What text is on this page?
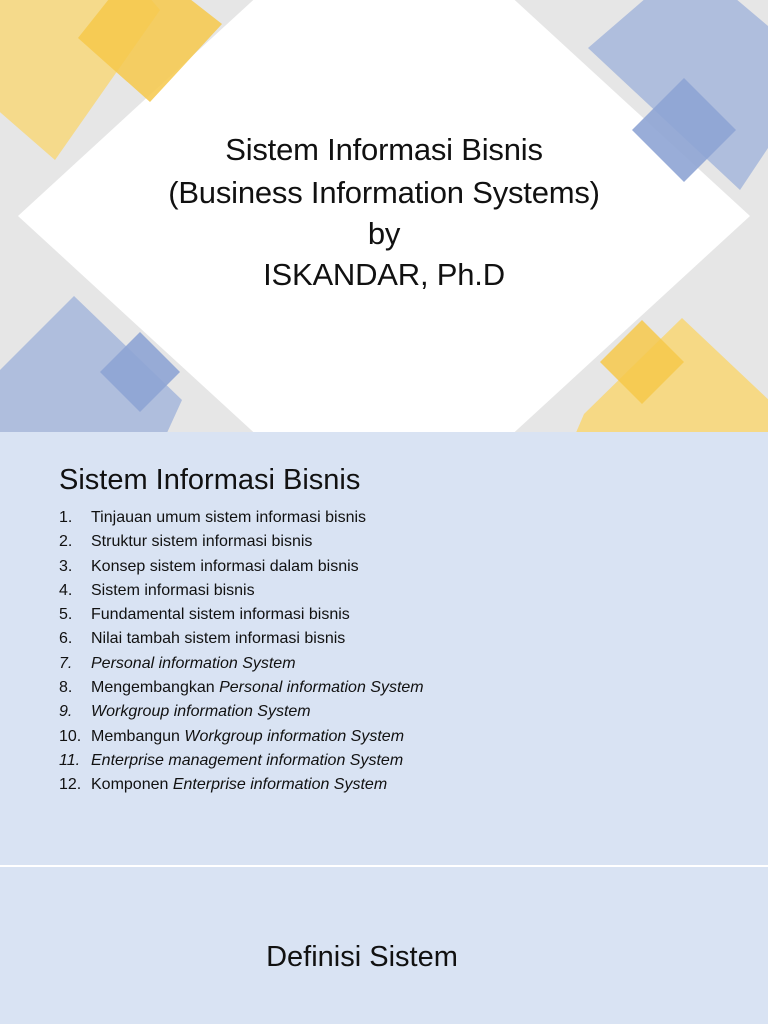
Sistem Informasi Bisnis
(Business Information Systems)
by
ISKANDAR, Ph.D
Sistem Informasi Bisnis
1.	Tinjauan umum sistem informasi bisnis
2.	Struktur sistem informasi bisnis
3.	Konsep sistem informasi dalam bisnis
4.	Sistem informasi bisnis
5.	Fundamental sistem informasi bisnis
6.	Nilai tambah sistem informasi bisnis
7.	Personal information System
8.	Mengembangkan Personal information System
9.	Workgroup information System
10. Membangun Workgroup information System
11. Enterprise management information System
12. Komponen Enterprise information System
Definisi Sistem
